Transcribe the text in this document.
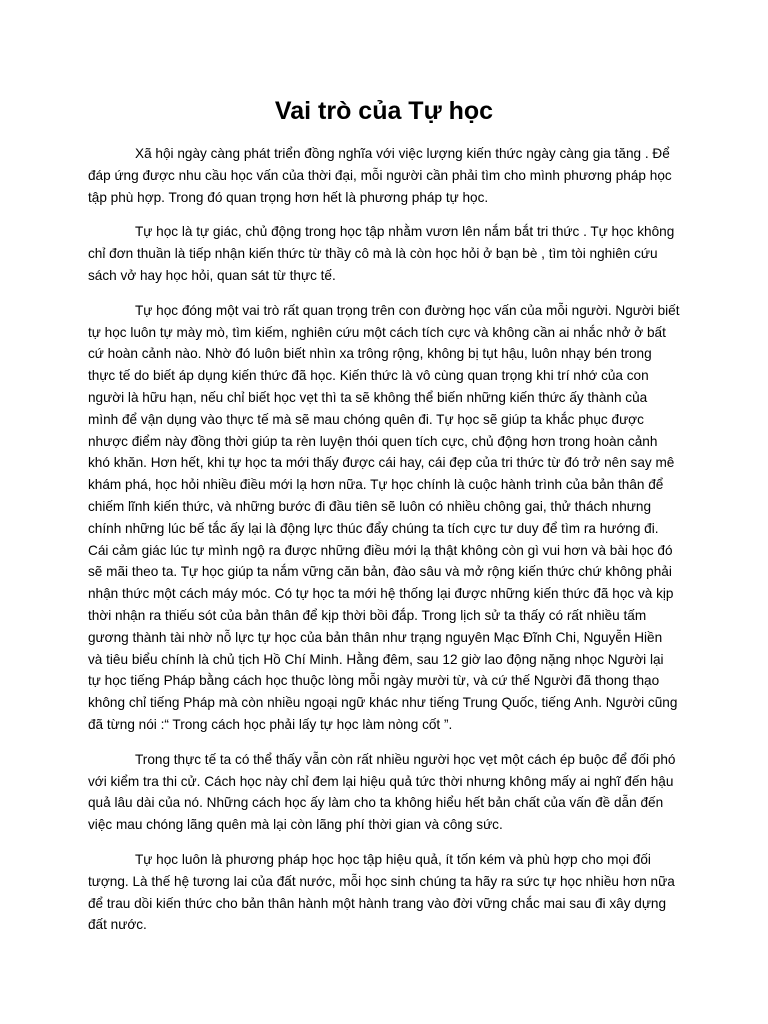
Vai trò của Tự học

Xã hội ngày càng phát triển đồng nghĩa với việc lượng kiến thức ngày càng gia tăng . Để đáp ứng được nhu cầu học vấn của thời đại, mỗi người cần phải tìm cho mình phương pháp học tập phù hợp. Trong đó quan trọng hơn hết là phương pháp tự học.

Tự học là tự giác, chủ động trong học tập nhằm vươn lên nắm bắt tri thức . Tự học không chỉ đơn thuần là tiếp nhận kiến thức từ thầy cô mà là còn học hỏi ở bạn bè , tìm tòi nghiên cứu sách vở hay học hỏi, quan sát từ thực tế.

Tự học đóng một vai trò rất quan trọng trên con đường học vấn của mỗi người. Người biết tự học luôn tự mày mò, tìm kiếm, nghiên cứu một cách tích cực và không cần ai nhắc nhở ở bất cứ hoàn cảnh nào. Nhờ đó luôn biết nhìn xa trông rộng, không bị tụt hậu, luôn nhạy bén trong thực tế do biết áp dụng kiến thức đã học. Kiến thức là vô cùng quan trọng khi trí nhớ của con người là hữu hạn, nếu chỉ biết học vẹt thì ta sẽ không thể biến những kiến thức ấy thành của mình để vận dụng vào thực tế mà sẽ mau chóng quên đi. Tự học sẽ giúp ta khắc phục được nhược điểm này đồng thời giúp ta rèn luyện thói quen tích cực, chủ động hơn trong hoàn cảnh khó khăn. Hơn hết, khi tự học ta mới thấy được cái hay, cái đẹp của tri thức từ đó trở nên say mê khám phá, học hỏi nhiều điều mới lạ hơn nữa. Tự học chính là cuộc hành trình của bản thân để chiếm lĩnh kiến thức, và những bước đi đầu tiên sẽ luôn có nhiều chông gai, thử thách nhưng chính những lúc bế tắc ấy lại là động lực thúc đẩy chúng ta tích cực tư duy để tìm ra hướng đi. Cái cảm giác lúc tự mình ngộ ra được những điều mới lạ thật không còn gì vui hơn và bài học đó sẽ mãi theo ta. Tự học giúp ta nắm vững căn bản, đào sâu và mở rộng kiến thức chứ không phải nhận thức một cách máy móc. Có tự học ta mới hệ thống lại được những kiến thức đã học và kịp thời nhận ra thiếu sót của bản thân để kịp thời bồi đắp. Trong lịch sử ta thấy có rất nhiều tấm gương thành tài nhờ nỗ lực tự học của bản thân như trạng nguyên Mạc Đĩnh Chi, Nguyễn Hiền và tiêu biểu chính là chủ tịch Hồ Chí Minh. Hằng đêm, sau 12 giờ lao động nặng nhọc Người lại tự học tiếng Pháp bằng cách học thuộc lòng mỗi ngày mười từ, và cứ thế Người đã thong thạo không chỉ tiếng Pháp mà còn nhiều ngoại ngữ khác như tiếng Trung Quốc, tiếng Anh. Người cũng đã từng nói :“ Trong cách học phải lấy tự học làm nòng cốt ”.

Trong thực tế ta có thể thấy vẫn còn rất nhiều người học vẹt một cách ép buộc để đối phó với kiểm tra thi cử. Cách học này chỉ đem lại hiệu quả tức thời nhưng không mấy ai nghĩ đến hậu quả lâu dài của nó. Những cách học ấy làm cho ta không hiểu hết bản chất của vấn đề dẫn đến việc mau chóng lãng quên mà lại còn lãng phí thời gian và công sức.

Tự học luôn là phương pháp học học tập hiệu quả, ít tốn kém và phù hợp cho mọi đối tượng. Là thế hệ tương lai của đất nước, mỗi học sinh chúng ta hãy ra sức tự học nhiều hơn nữa để trau dồi kiến thức cho bản thân hành một hành trang vào đời vững chắc mai sau đi xây dựng đất nước.
